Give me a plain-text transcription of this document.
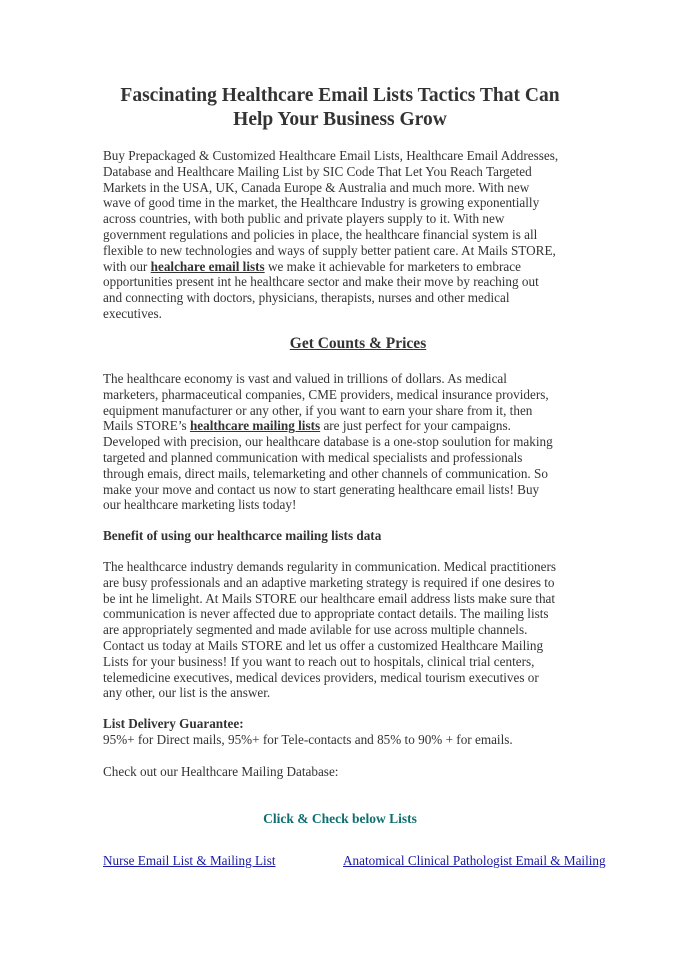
Fascinating Healthcare Email Lists Tactics That Can
Help Your Business Grow
Buy Prepackaged & Customized Healthcare Email Lists, Healthcare Email Addresses,
Database and Healthcare Mailing List by SIC Code That Let You Reach Targeted
Markets in the USA, UK, Canada Europe & Australia and much more. With new
wave of good time in the market, the Healthcare Industry is growing exponentially
across countries, with both public and private players supply to it. With new
government regulations and policies in place, the healthcare financial system is all
flexible to new technologies and ways of supply better patient care. At Mails STORE,
with our healchare email lists we make it achievable for marketers to embrace
opportunities present int he healthcare sector and make their move by reaching out
and connecting with doctors, physicians, therapists, nurses and other medical
executives.
Get Counts & Prices
The healthcare economy is vast and valued in trillions of dollars. As medical
marketers, pharmaceutical companies, CME providers, medical insurance providers,
equipment manufacturer or any other, if you want to earn your share from it, then
Mails STORE’s healthcare mailing lists are just perfect for your campaigns.
Developed with precision, our healthcare database is a one-stop soulution for making
targeted and planned communication with medical specialists and professionals
through emais, direct mails, telemarketing and other channels of communication. So
make your move and contact us now to start generating healthcare email lists! Buy
our healthcare marketing lists today!
Benefit of using our healthcarce mailing lists data
The healthcarce industry demands regularity in communication. Medical practitioners
are busy professionals and an adaptive marketing strategy is required if one desires to
be int he limelight. At Mails STORE our healthcare email address lists make sure that
communication is never affected due to appropriate contact details. The mailing lists
are appropriately segmented and made avilable for use across multiple channels.
Contact us today at Mails STORE and let us offer a customized Healthcare Mailing
Lists for your business! If you want to reach out to hospitals, clinical trial centers,
telemedicine executives, medical devices providers, medical tourism executives or
any other, our list is the answer.
List Delivery Guarantee:
95%+ for Direct mails, 95%+ for Tele-contacts and 85% to 90% + for emails.
Check out our Healthcare Mailing Database:
Click & Check below Lists
Nurse Email List & Mailing List	Anatomical Clinical Pathologist Email & Mailing
